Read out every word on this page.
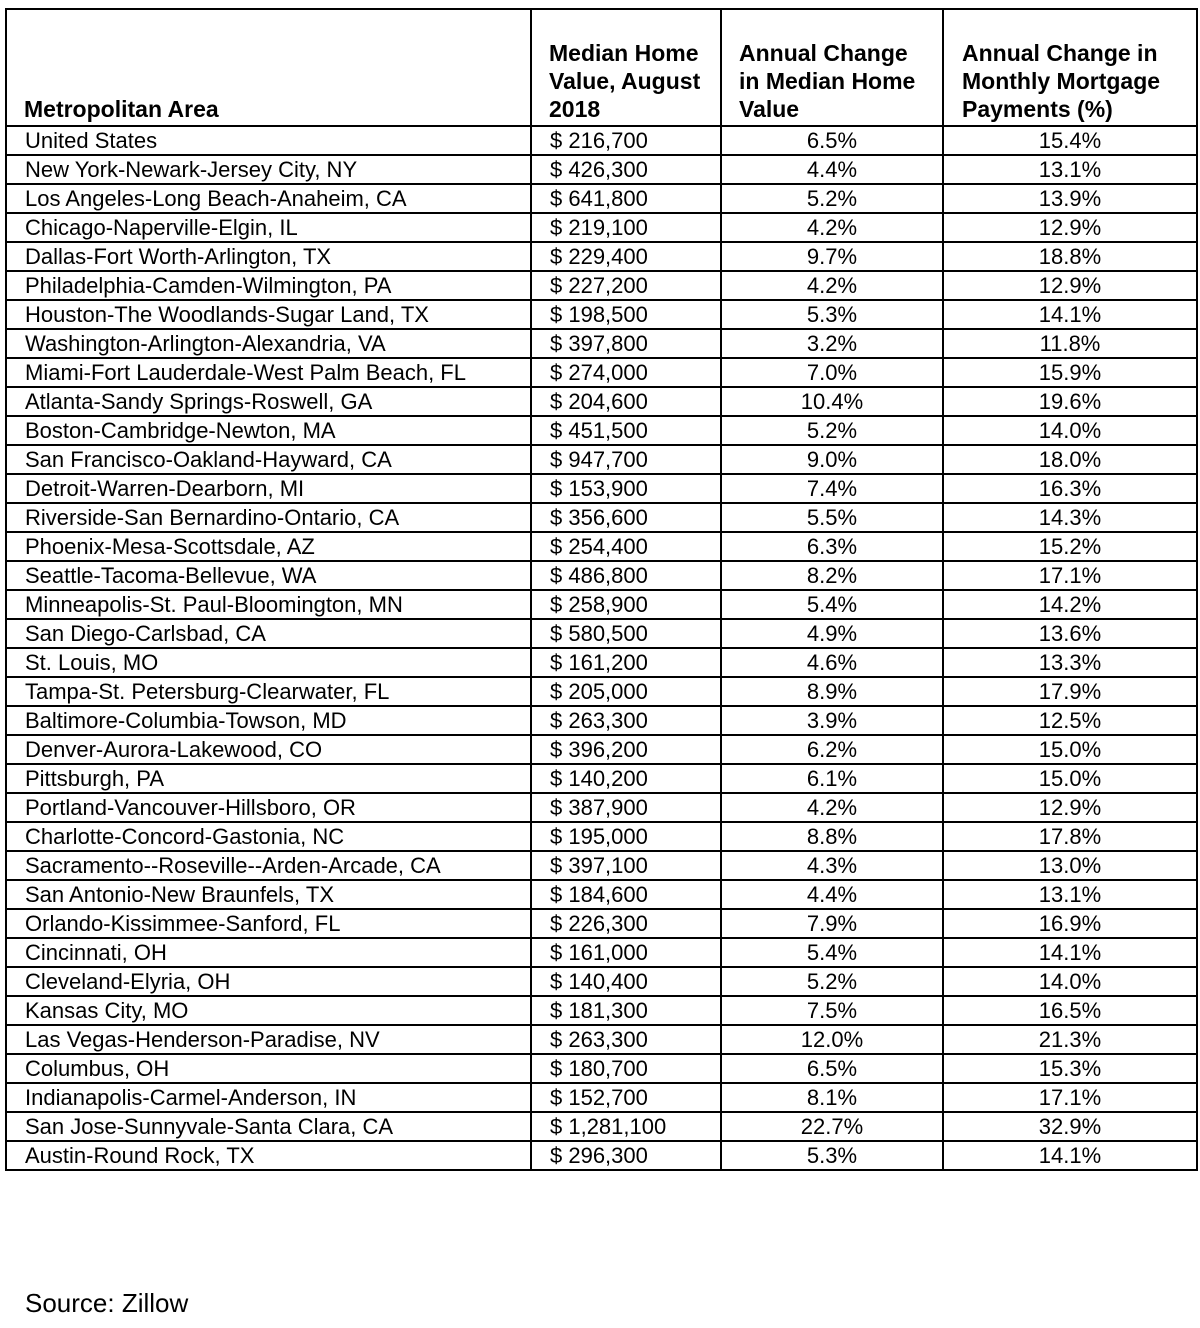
Metropolitan Area	Median Home Value, August 2018	Annual Change in Median Home Value	Annual Change in Monthly Mortgage Payments (%)
United States	$ 216,700	6.5%	15.4%
New York-Newark-Jersey City, NY	$ 426,300	4.4%	13.1%
Los Angeles-Long Beach-Anaheim, CA	$ 641,800	5.2%	13.9%
Chicago-Naperville-Elgin, IL	$ 219,100	4.2%	12.9%
Dallas-Fort Worth-Arlington, TX	$ 229,400	9.7%	18.8%
Philadelphia-Camden-Wilmington, PA	$ 227,200	4.2%	12.9%
Houston-The Woodlands-Sugar Land, TX	$ 198,500	5.3%	14.1%
Washington-Arlington-Alexandria, VA	$ 397,800	3.2%	11.8%
Miami-Fort Lauderdale-West Palm Beach, FL	$ 274,000	7.0%	15.9%
Atlanta-Sandy Springs-Roswell, GA	$ 204,600	10.4%	19.6%
Boston-Cambridge-Newton, MA	$ 451,500	5.2%	14.0%
San Francisco-Oakland-Hayward, CA	$ 947,700	9.0%	18.0%
Detroit-Warren-Dearborn, MI	$ 153,900	7.4%	16.3%
Riverside-San Bernardino-Ontario, CA	$ 356,600	5.5%	14.3%
Phoenix-Mesa-Scottsdale, AZ	$ 254,400	6.3%	15.2%
Seattle-Tacoma-Bellevue, WA	$ 486,800	8.2%	17.1%
Minneapolis-St. Paul-Bloomington, MN	$ 258,900	5.4%	14.2%
San Diego-Carlsbad, CA	$ 580,500	4.9%	13.6%
St. Louis, MO	$ 161,200	4.6%	13.3%
Tampa-St. Petersburg-Clearwater, FL	$ 205,000	8.9%	17.9%
Baltimore-Columbia-Towson, MD	$ 263,300	3.9%	12.5%
Denver-Aurora-Lakewood, CO	$ 396,200	6.2%	15.0%
Pittsburgh, PA	$ 140,200	6.1%	15.0%
Portland-Vancouver-Hillsboro, OR	$ 387,900	4.2%	12.9%
Charlotte-Concord-Gastonia, NC	$ 195,000	8.8%	17.8%
Sacramento--Roseville--Arden-Arcade, CA	$ 397,100	4.3%	13.0%
San Antonio-New Braunfels, TX	$ 184,600	4.4%	13.1%
Orlando-Kissimmee-Sanford, FL	$ 226,300	7.9%	16.9%
Cincinnati, OH	$ 161,000	5.4%	14.1%
Cleveland-Elyria, OH	$ 140,400	5.2%	14.0%
Kansas City, MO	$ 181,300	7.5%	16.5%
Las Vegas-Henderson-Paradise, NV	$ 263,300	12.0%	21.3%
Columbus, OH	$ 180,700	6.5%	15.3%
Indianapolis-Carmel-Anderson, IN	$ 152,700	8.1%	17.1%
San Jose-Sunnyvale-Santa Clara, CA	$ 1,281,100	22.7%	32.9%
Austin-Round Rock, TX	$ 296,300	5.3%	14.1%
Source: Zillow
